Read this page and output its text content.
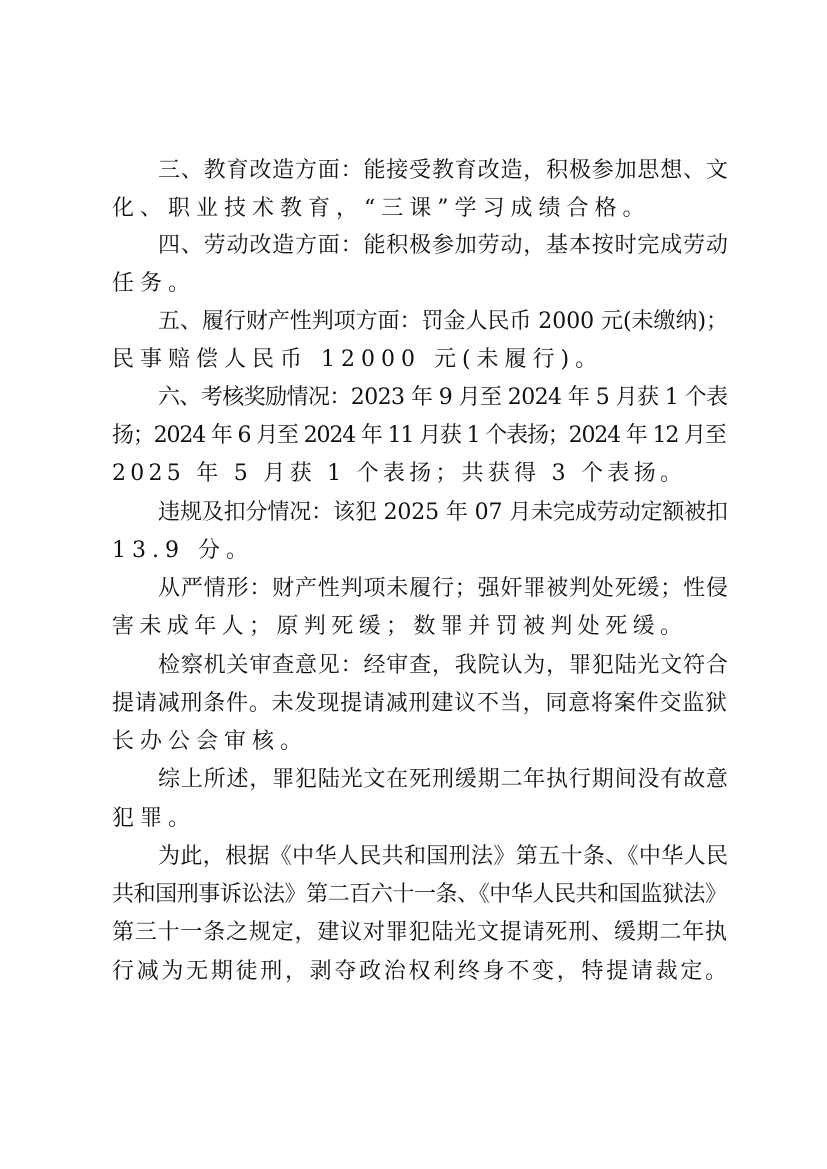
三、教育改造方面：能接受教育改造，积极参加思想、文
化、职业技术教育，“三课”学习成绩合格。
四、劳动改造方面：能积极参加劳动，基本按时完成劳动
任务。
五、履行财产性判项方面：罚金人民币 2000 元(未缴纳)；
民事赔偿人民币 12000 元(未履行)。
六、考核奖励情况：2023 年 9 月至 2024 年 5 月获 1 个表
扬；2024 年 6 月至 2024 年 11 月获 1 个表扬；2024 年 12 月至
2025 年 5 月获 1 个表扬；共获得 3 个表扬。
违规及扣分情况：该犯 2025 年 07 月未完成劳动定额被扣
13.9 分。
从严情形：财产性判项未履行；强奸罪被判处死缓；性侵
害未成年人；原判死缓；数罪并罚被判处死缓。
检察机关审查意见：经审查，我院认为，罪犯陆光文符合
提请减刑条件。未发现提请减刑建议不当，同意将案件交监狱
长办公会审核。
综上所述，罪犯陆光文在死刑缓期二年执行期间没有故意
犯罪。
为此，根据《中华人民共和国刑法》第五十条、《中华人民
共和国刑事诉讼法》第二百六十一条、《中华人民共和国监狱法》
第三十一条之规定，建议对罪犯陆光文提请死刑、缓期二年执
行减为无期徒刑，剥夺政治权利终身不变，特提请裁定。
